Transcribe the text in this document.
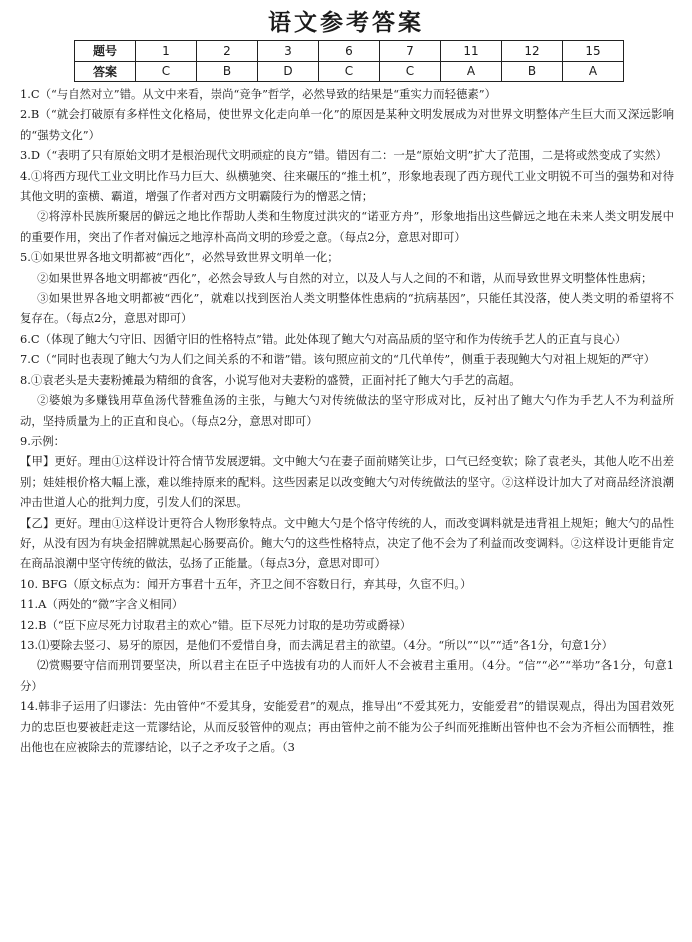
语文参考答案
题号	1	2	3	6	7	11	12	15
答案	C	B	D	C	C	A	B	A

1.C（“与自然对立”错。从文中来看，崇尚“竞争”哲学，必然导致的结果是“重实力而轻德素”）

2.B（“就会打破原有多样性文化格局，使世界文化走向单一化”的原因是某种文明发展成为对世界文明整体产生巨大而又深远影响的“强势文化”）

3.D（“表明了只有原始文明才是根治现代文明顽症的良方”错。错因有二：一是“原始文明”扩大了范围，二是将或然变成了实然）

4.①将西方现代工业文明比作马力巨大、纵横驰突、往来碾压的“推土机”，形象地表现了西方现代工业文明锐不可当的强势和对待其他文明的蛮横、霸道，增强了作者对西方文明霸陵行为的憎恶之情；

②将淳朴民族所聚居的僻远之地比作帮助人类和生物度过洪灾的“诺亚方舟”，形象地指出这些僻远之地在未来人类文明发展中的重要作用，突出了作者对偏远之地淳朴高尚文明的珍爱之意。（每点2分，意思对即可）

5.①如果世界各地文明都被“西化”，必然导致世界文明单一化；

②如果世界各地文明都被“西化”，必然会导致人与自然的对立，以及人与人之间的不和谐，从而导致世界文明整体性患病；

③如果世界各地文明都被“西化”，就难以找到医治人类文明整体性患病的“抗病基因”，只能任其没落，使人类文明的希望将不复存在。（每点2分，意思对即可）

6.C（体现了鲍大勺守旧、因循守旧的性格特点”错。此处体现了鲍大勺对高品质的坚守和作为传统手艺人的正直与良心）

7.C（“同时也表现了鲍大勺为人们之间关系的不和谐”错。该句照应前文的“几代单传”，侧重于表现鲍大勺对祖上规矩的严守）

8.①袁老头是夫妻粉摊最为精细的食客，小说写他对夫妻粉的盛赞，正面衬托了鲍大勺手艺的高超。

②婆娘为多赚钱用草鱼汤代替雅鱼汤的主张，与鲍大勺对传统做法的坚守形成对比，反衬出了鲍大勺作为手艺人不为利益所动，坚持质量为上的正直和良心。（每点2分，意思对即可）

9.示例：

【甲】更好。理由①这样设计符合情节发展逻辑。文中鲍大勺在妻子面前赌笑让步，口气已经变软；除了袁老头，其他人吃不出差别；娃娃根价格大幅上涨，难以维持原来的配料。这些因素足以改变鲍大勺对传统做法的坚守。②这样设计加大了对商品经济浪潮冲击世道人心的批判力度，引发人们的深思。

【乙】更好。理由①这样设计更符合人物形象特点。文中鲍大勺是个恪守传统的人，而改变调料就是违背祖上规矩；鲍大勺的品性好，从没有因为有块金招牌就黑起心肠要高价。鲍大勺的这些性格特点，决定了他不会为了利益而改变调料。②这样设计更能肯定在商品浪潮中坚守传统的做法，弘扬了正能量。（每点3分，意思对即可）

10. BFG（原文标点为：闻开方事君十五年，齐卫之间不容数日行，弃其母，久宦不归。）

11.A（两处的“微”字含义相同）

12.B（“臣下应尽死力讨取君主的欢心”错。臣下尽死力讨取的是功劳或爵禄）

13.⑴要除去竖刁、易牙的原因，是他们不爱惜自身，而去满足君主的欲望。（4分。“所以”“以”“适”各1分，句意1分）

⑵赏赐要守信而刑罚要坚决，所以君主在臣子中选拔有功的人而奸人不会被君主重用。（4分。“信”“必”“举功”各1分，句意1分）

14.韩非子运用了归谬法：先由管仲“不爱其身，安能爱君”的观点，推导出“不爱其死力，安能爱君”的错误观点，得出为国君效死力的忠臣也要被赶走这一荒谬结论，从而反驳管仲的观点；再由管仲之前不能为公子纠而死推断出管仲也不会为齐桓公而牺牲，推出他也在应被除去的荒谬结论，以子之矛攻子之盾。（3
